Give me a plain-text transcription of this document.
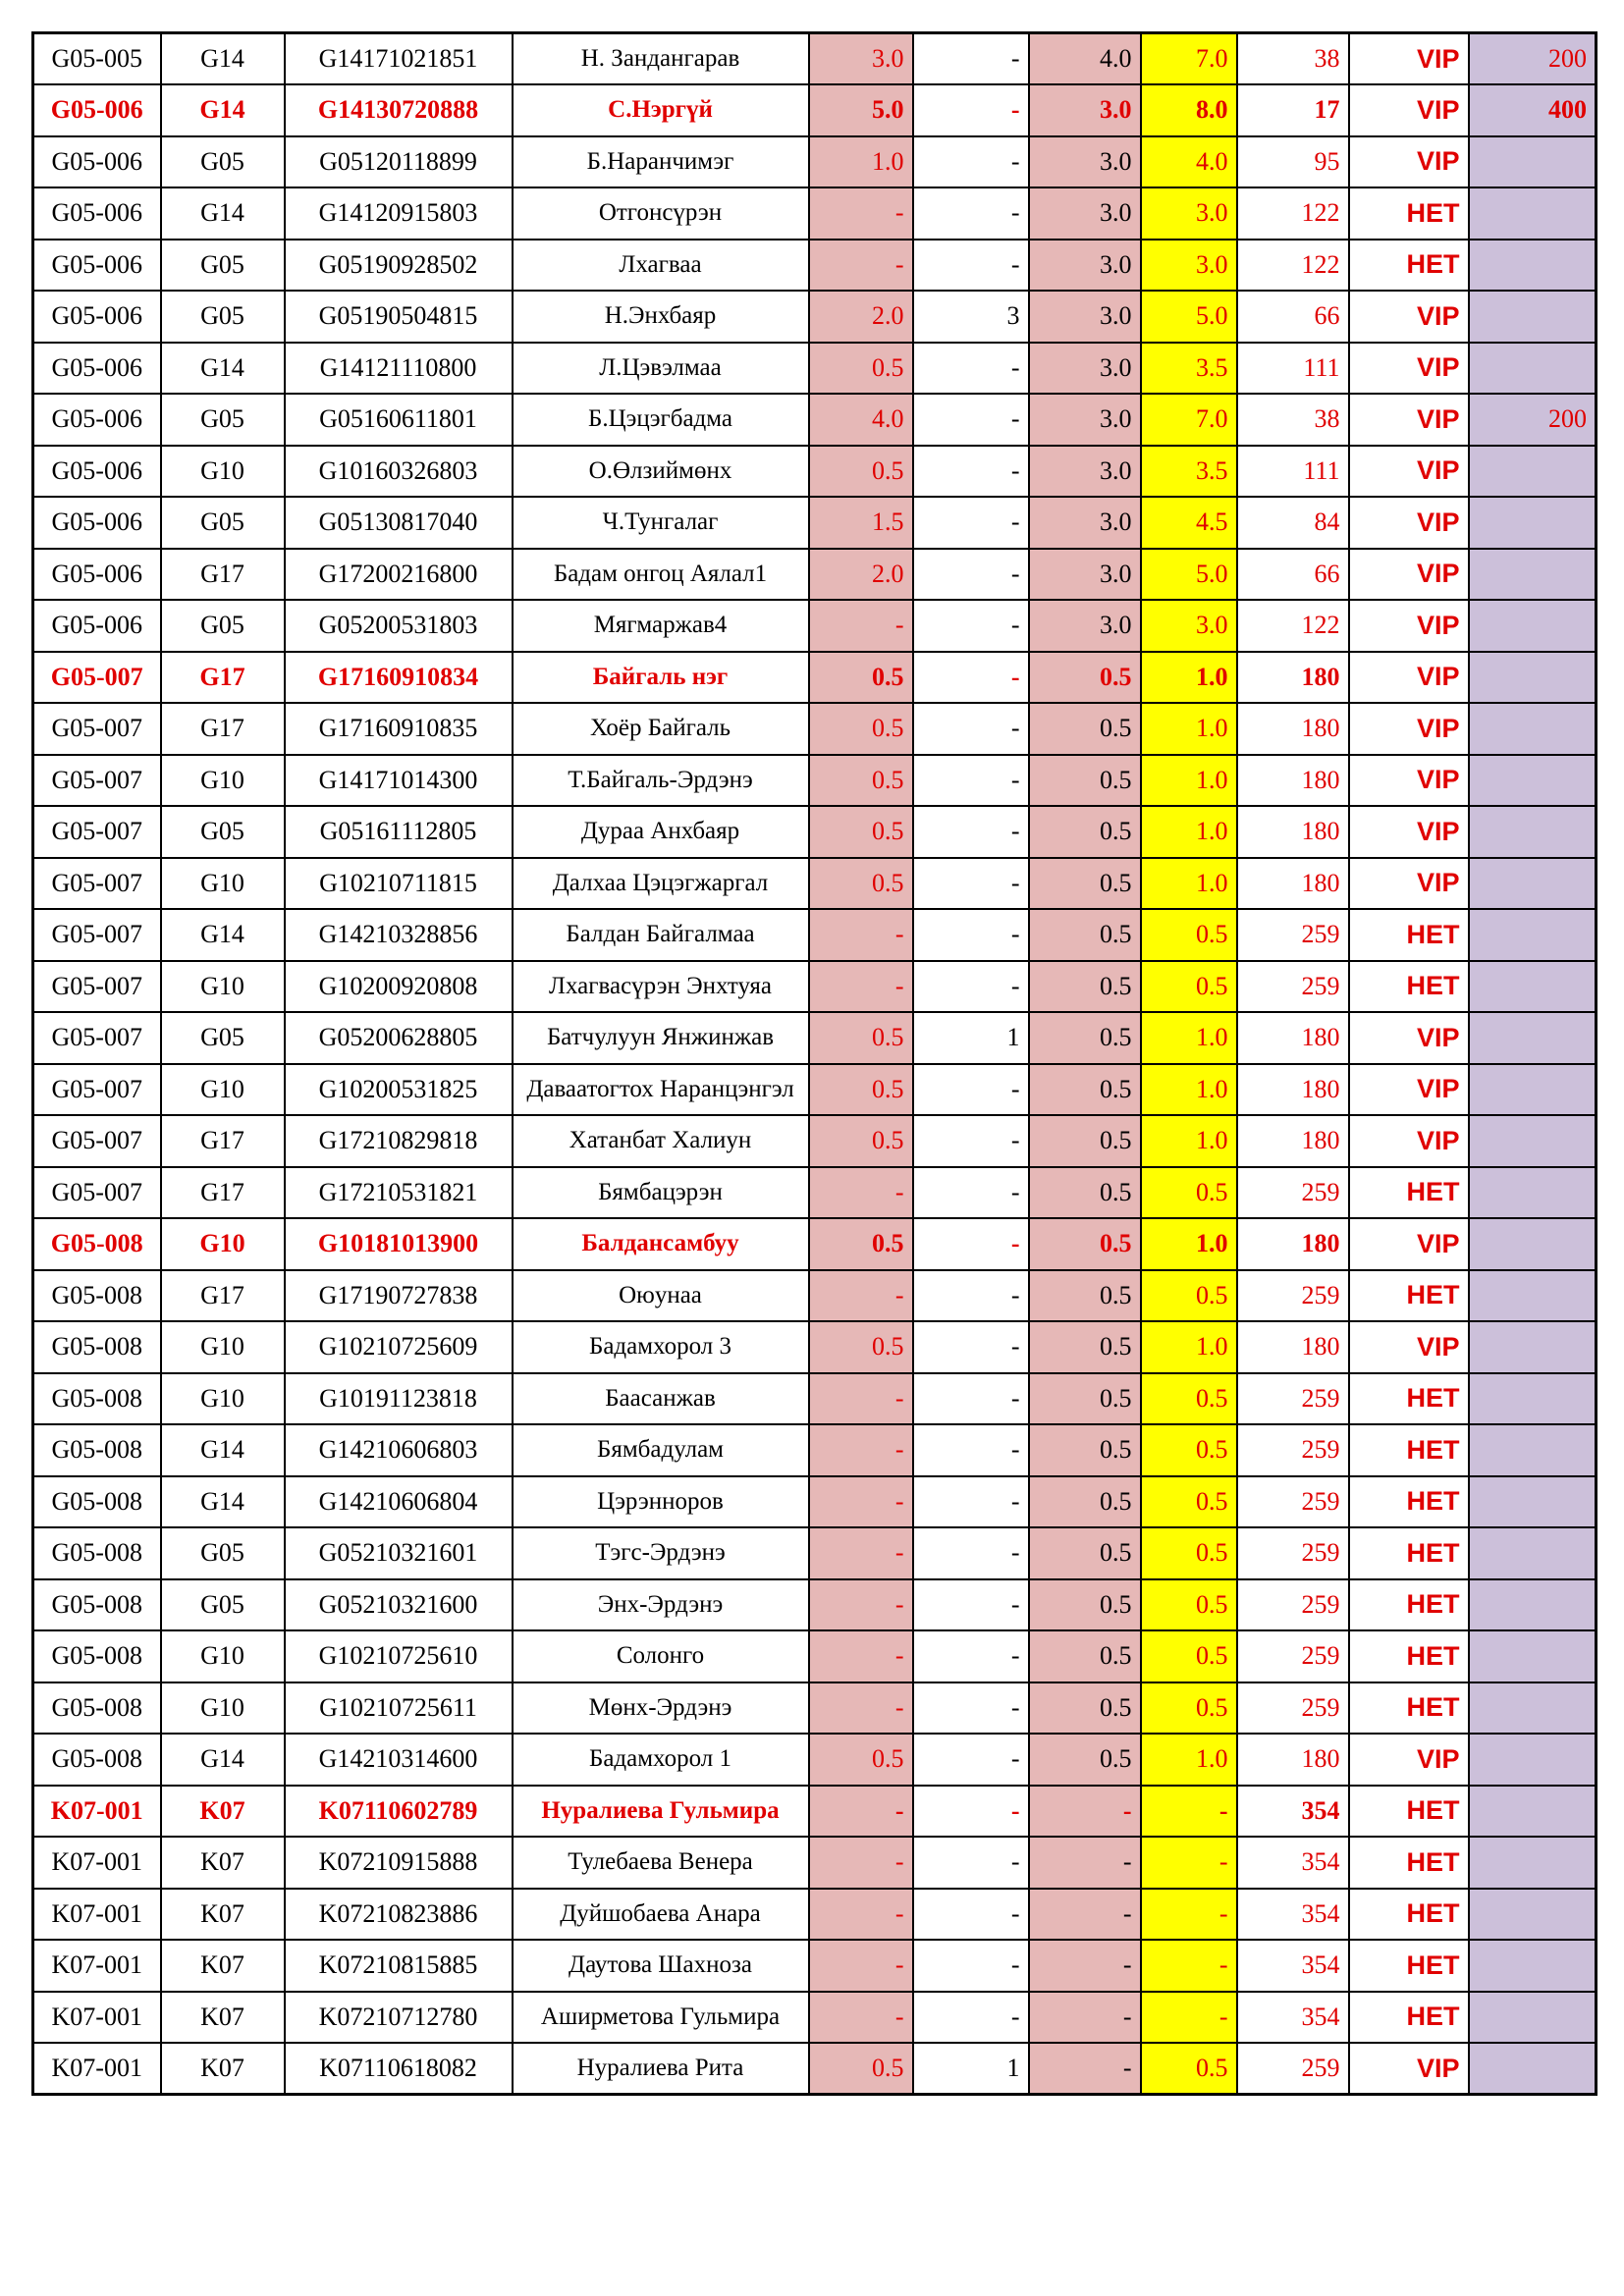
G05-005	G14	G14171021851	Н. Зандангарав	3.0	-	4.0	7.0	38	VIP	200
G05-006	G14	G14130720888	С.Нэргүй	5.0	-	3.0	8.0	17	VIP	400
G05-006	G05	G05120118899	Б.Наранчимэг	1.0	-	3.0	4.0	95	VIP	
G05-006	G14	G14120915803	Отгонсүрэн	-	-	3.0	3.0	122	НЕТ	
G05-006	G05	G05190928502	Лхагваа	-	-	3.0	3.0	122	НЕТ	
G05-006	G05	G05190504815	Н.Энхбаяр	2.0	3	3.0	5.0	66	VIP	
G05-006	G14	G14121110800	Л.Цэвэлмаа	0.5	-	3.0	3.5	111	VIP	
G05-006	G05	G05160611801	Б.Цэцэгбадма	4.0	-	3.0	7.0	38	VIP	200
G05-006	G10	G10160326803	О.Өлзиймөнх	0.5	-	3.0	3.5	111	VIP	
G05-006	G05	G05130817040	Ч.Тунгалаг	1.5	-	3.0	4.5	84	VIP	
G05-006	G17	G17200216800	Бадам онгоц Аялал1	2.0	-	3.0	5.0	66	VIP	
G05-006	G05	G05200531803	Мягмаржав4	-	-	3.0	3.0	122	VIP	
G05-007	G17	G17160910834	Байгаль нэг	0.5	-	0.5	1.0	180	VIP	
G05-007	G17	G17160910835	Хоёр Байгаль	0.5	-	0.5	1.0	180	VIP	
G05-007	G10	G14171014300	Т.Байгаль-Эрдэнэ	0.5	-	0.5	1.0	180	VIP	
G05-007	G05	G05161112805	Дураа Анхбаяр	0.5	-	0.5	1.0	180	VIP	
G05-007	G10	G10210711815	Далхаа Цэцэгжаргал	0.5	-	0.5	1.0	180	VIP	
G05-007	G14	G14210328856	Балдан Байгалмаа	-	-	0.5	0.5	259	НЕТ	
G05-007	G10	G10200920808	Лхагвасүрэн Энхтуяа	-	-	0.5	0.5	259	НЕТ	
G05-007	G05	G05200628805	Батчулуун Янжинжав	0.5	1	0.5	1.0	180	VIP	
G05-007	G10	G10200531825	Даваатогтох Наранцэнгэл	0.5	-	0.5	1.0	180	VIP	
G05-007	G17	G17210829818	Хатанбат Халиун	0.5	-	0.5	1.0	180	VIP	
G05-007	G17	G17210531821	Бямбацэрэн	-	-	0.5	0.5	259	НЕТ	
G05-008	G10	G10181013900	Балдансамбуу	0.5	-	0.5	1.0	180	VIP	
G05-008	G17	G17190727838	Оюунаа	-	-	0.5	0.5	259	НЕТ	
G05-008	G10	G10210725609	Бадамхорол 3	0.5	-	0.5	1.0	180	VIP	
G05-008	G10	G10191123818	Баасанжав	-	-	0.5	0.5	259	НЕТ	
G05-008	G14	G14210606803	Бямбадулам	-	-	0.5	0.5	259	НЕТ	
G05-008	G14	G14210606804	Цэрэнноров	-	-	0.5	0.5	259	НЕТ	
G05-008	G05	G05210321601	Тэгс-Эрдэнэ	-	-	0.5	0.5	259	НЕТ	
G05-008	G05	G05210321600	Энх-Эрдэнэ	-	-	0.5	0.5	259	НЕТ	
G05-008	G10	G10210725610	Солонго	-	-	0.5	0.5	259	НЕТ	
G05-008	G10	G10210725611	Мөнх-Эрдэнэ	-	-	0.5	0.5	259	НЕТ	
G05-008	G14	G14210314600	Бадамхорол 1	0.5	-	0.5	1.0	180	VIP	
K07-001	K07	K07110602789	Нуралиева Гульмира	-	-	-	-	354	НЕТ	
K07-001	K07	K07210915888	Тулебаева Венера	-	-	-	-	354	НЕТ	
K07-001	K07	K07210823886	Дуйшобаева Анара	-	-	-	-	354	НЕТ	
K07-001	K07	K07210815885	Даутова Шахноза	-	-	-	-	354	НЕТ	
K07-001	K07	K07210712780	Аширметова Гульмира	-	-	-	-	354	НЕТ	
K07-001	K07	K07110618082	Нуралиева Рита	0.5	1	-	0.5	259	VIP	
